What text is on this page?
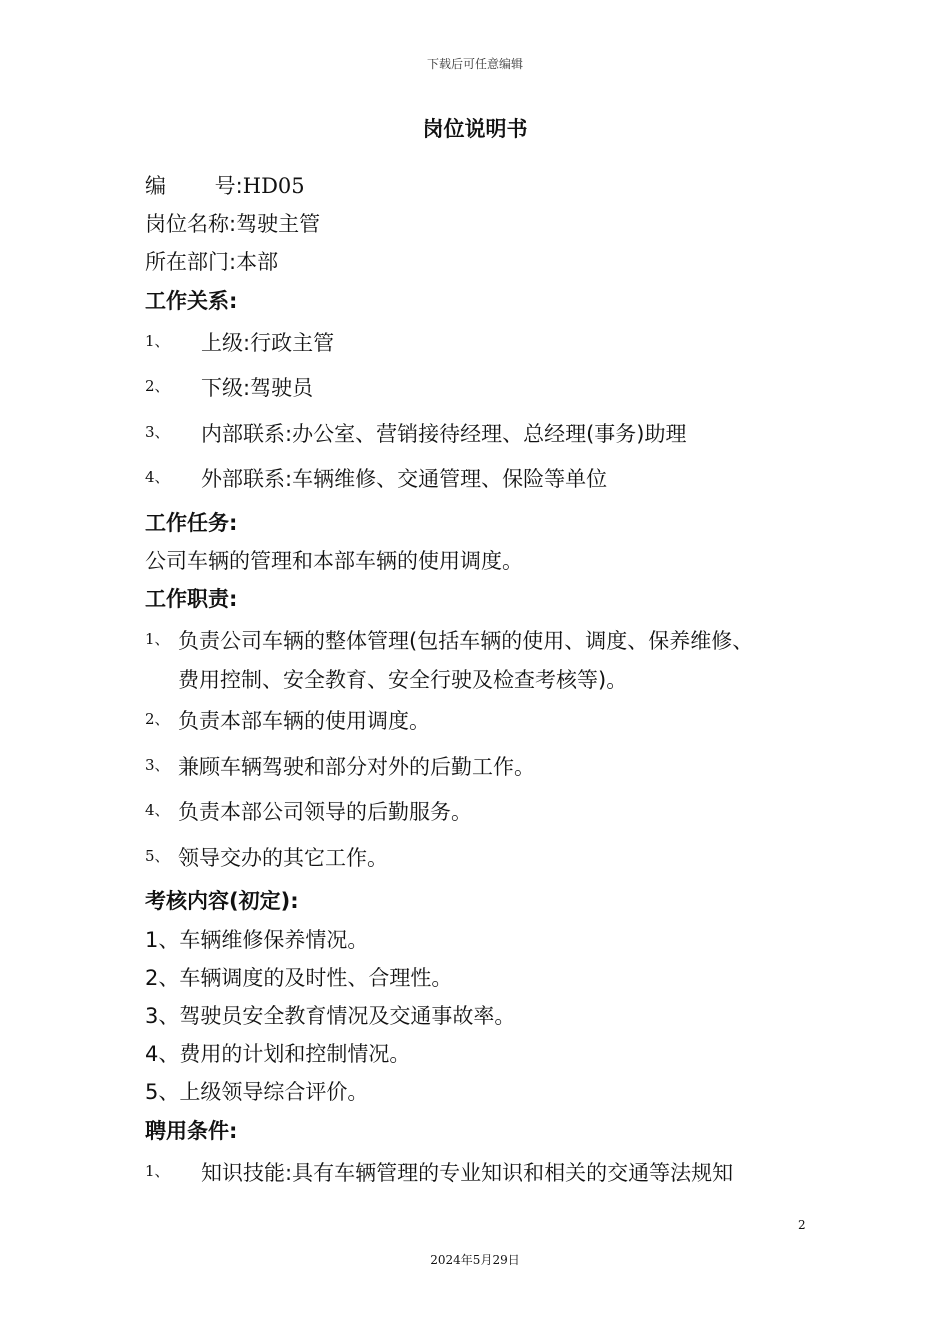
下载后可任意编辑
岗位说明书
编 号:HD05
岗位名称:驾驶主管
所在部门:本部
工作关系:
1、 上级:行政主管
2、 下级:驾驶员
3、 内部联系:办公室、营销接待经理、总经理(事务)助理
4、 外部联系:车辆维修、交通管理、保险等单位
工作任务:
公司车辆的管理和本部车辆的使用调度。
工作职责:
1、 负责公司车辆的整体管理(包括车辆的使用、调度、保养维修、
费用控制、安全教育、安全行驶及检查考核等)。
2、 负责本部车辆的使用调度。
3、 兼顾车辆驾驶和部分对外的后勤工作。
4、 负责本部公司领导的后勤服务。
5、 领导交办的其它工作。
考核内容(初定):
1、车辆维修保养情况。
2、车辆调度的及时性、合理性。
3、驾驶员安全教育情况及交通事故率。
4、费用的计划和控制情况。
5、上级领导综合评价。
聘用条件:
1、 知识技能:具有车辆管理的专业知识和相关的交通等法规知
2
2024年5月29日
